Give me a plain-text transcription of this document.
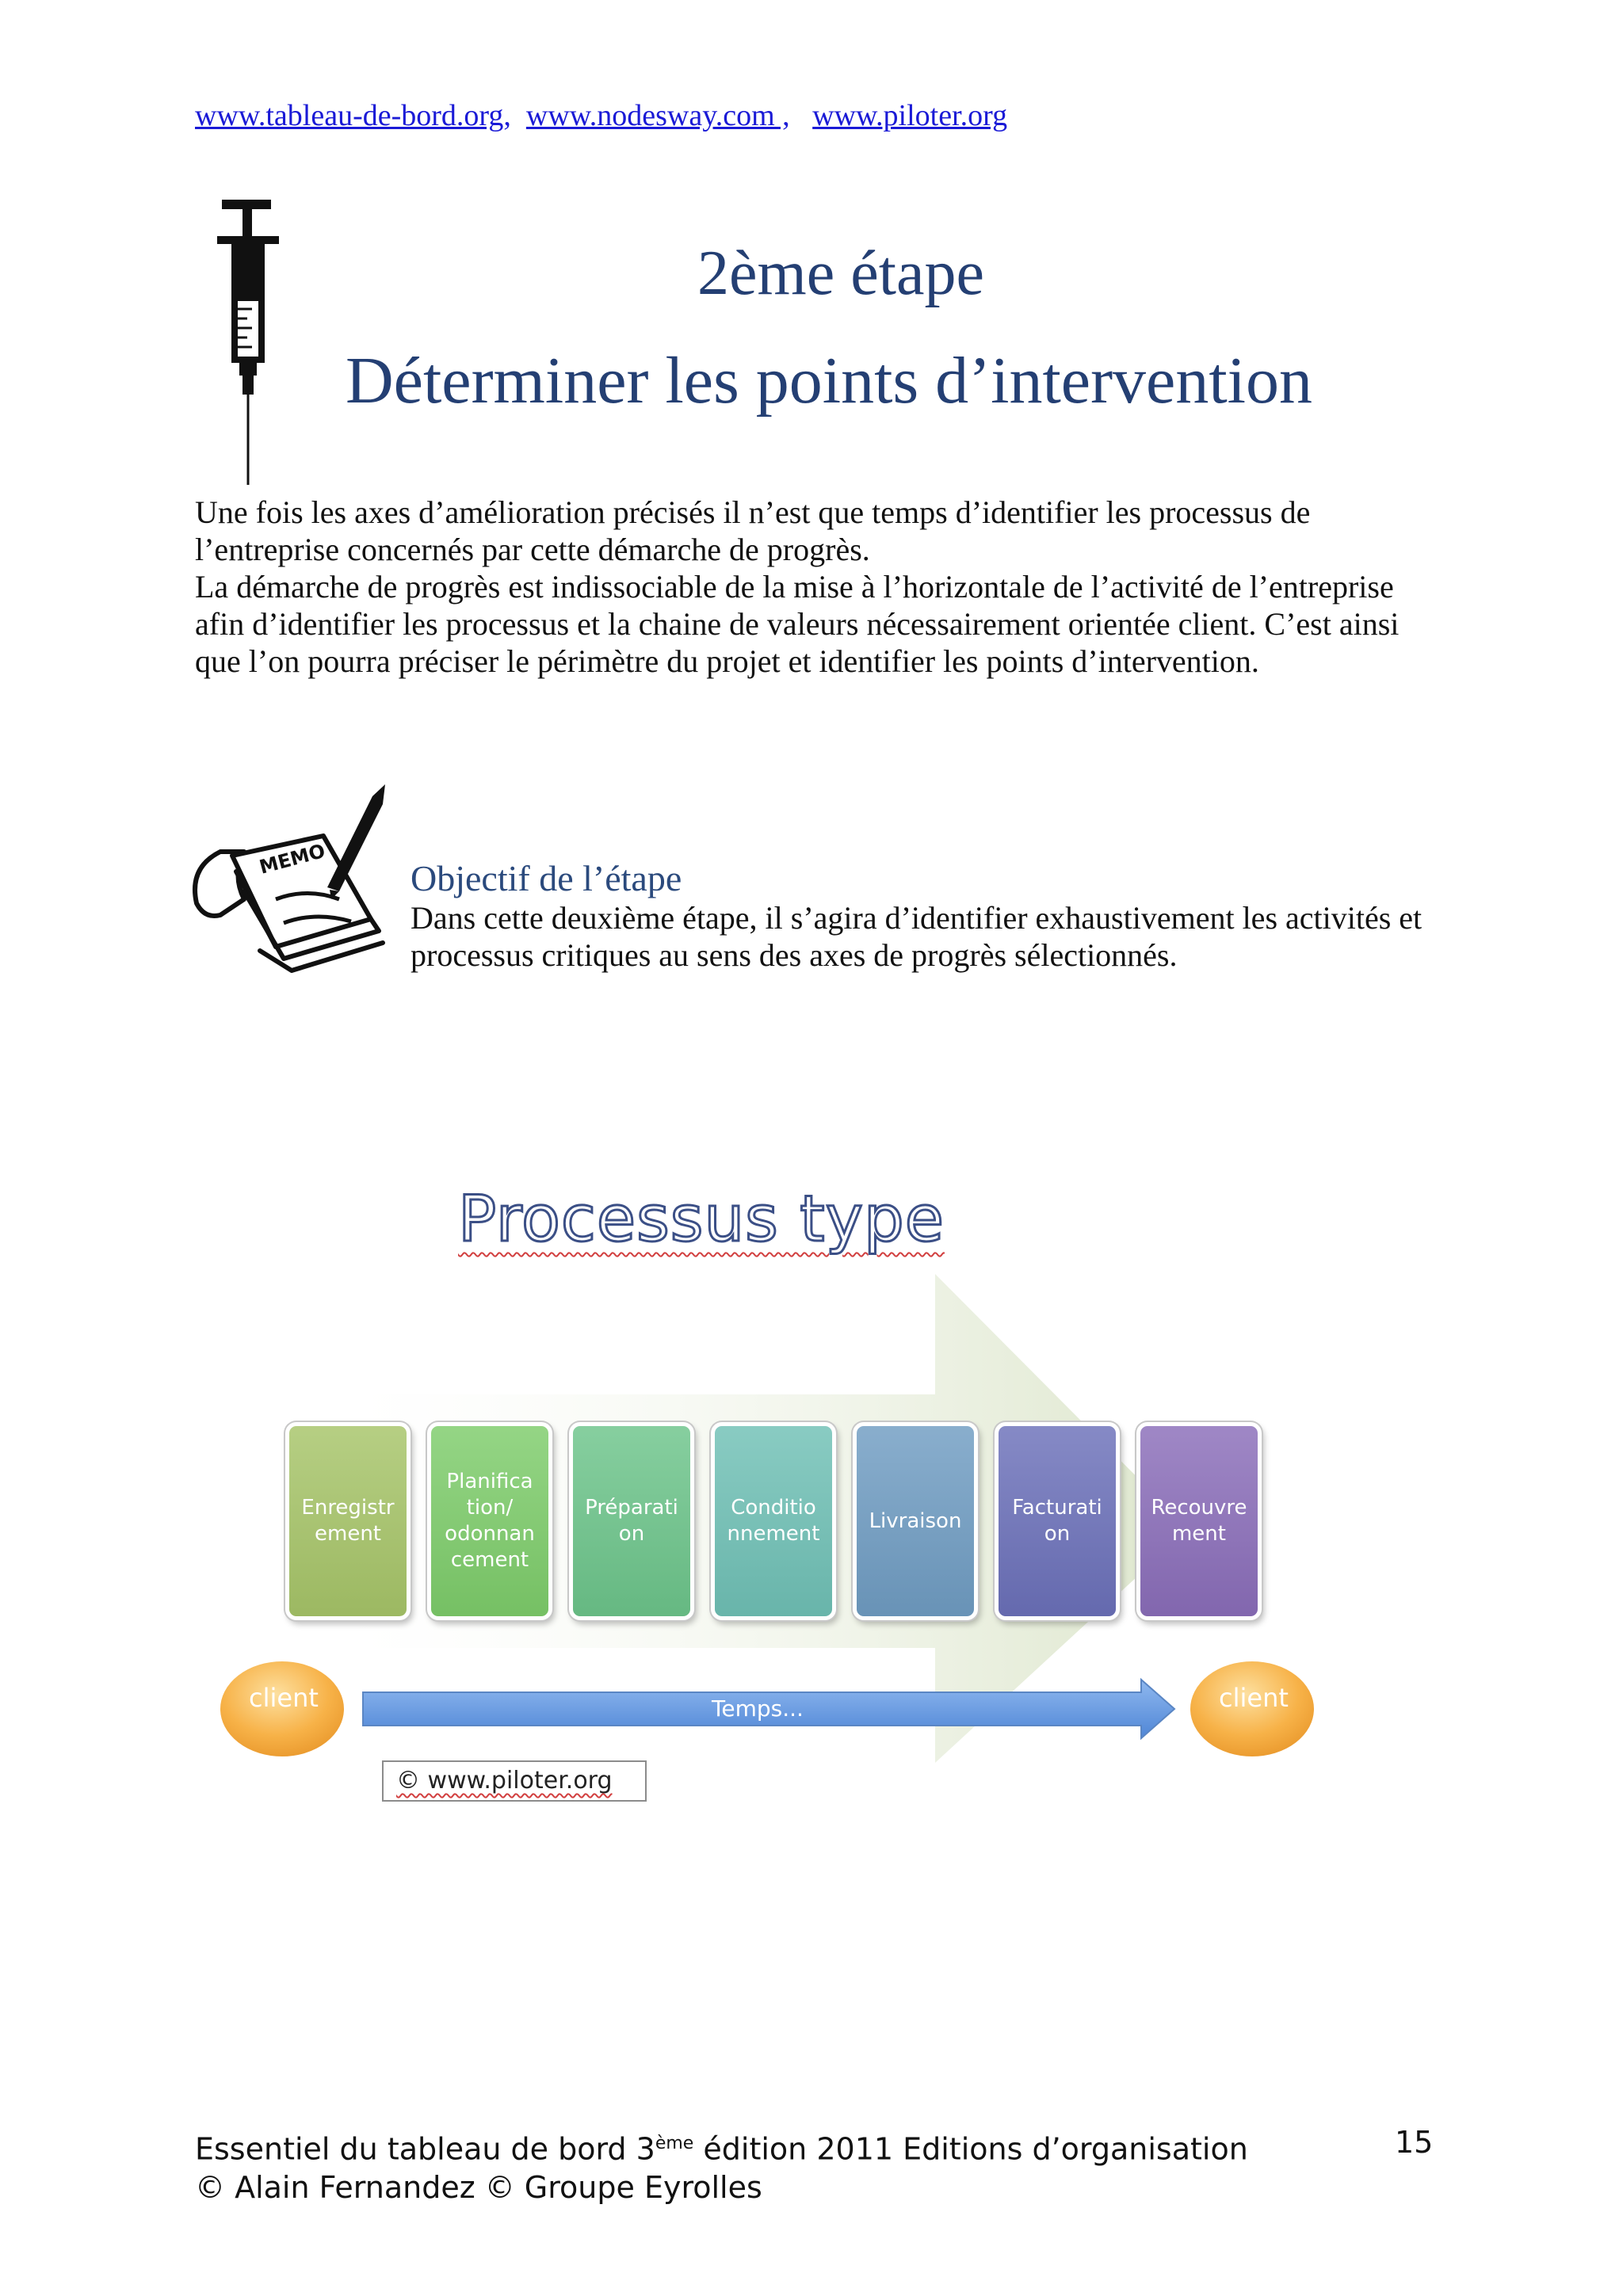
www.tableau-de-bord.org, www.nodesway.com , www.piloter.org
2ème étape
Déterminer les points d’intervention

Une fois les axes d’amélioration précisés il n’est que temps d’identifier les processus de l’entreprise concernés par cette démarche de progrès.

La démarche de progrès est indissociable de la mise à l’horizontale de l’activité de l’entreprise afin d’identifier les processus et la chaine de valeurs nécessairement orientée client. C’est ainsi que l’on pourra préciser le périmètre du projet et identifier les points d’intervention.

MEMO Objectif de l’étape
Dans cette deuxième étape, il s’agira d’identifier exhaustivement les activités et processus critiques au sens des axes de progrès sélectionnés.
Processus type
Enregistr
ement
Planifica
tion/
odonnan
cement
Préparati
on
Conditio
nnement
Livraison
Facturati
on
Recouvre
ment
client	client
Temps...
© www.piloter.org
Essentiel du tableau de bord 3ème édition 2011 Editions d’organisation
© Alain Fernandez © Groupe Eyrolles
15
